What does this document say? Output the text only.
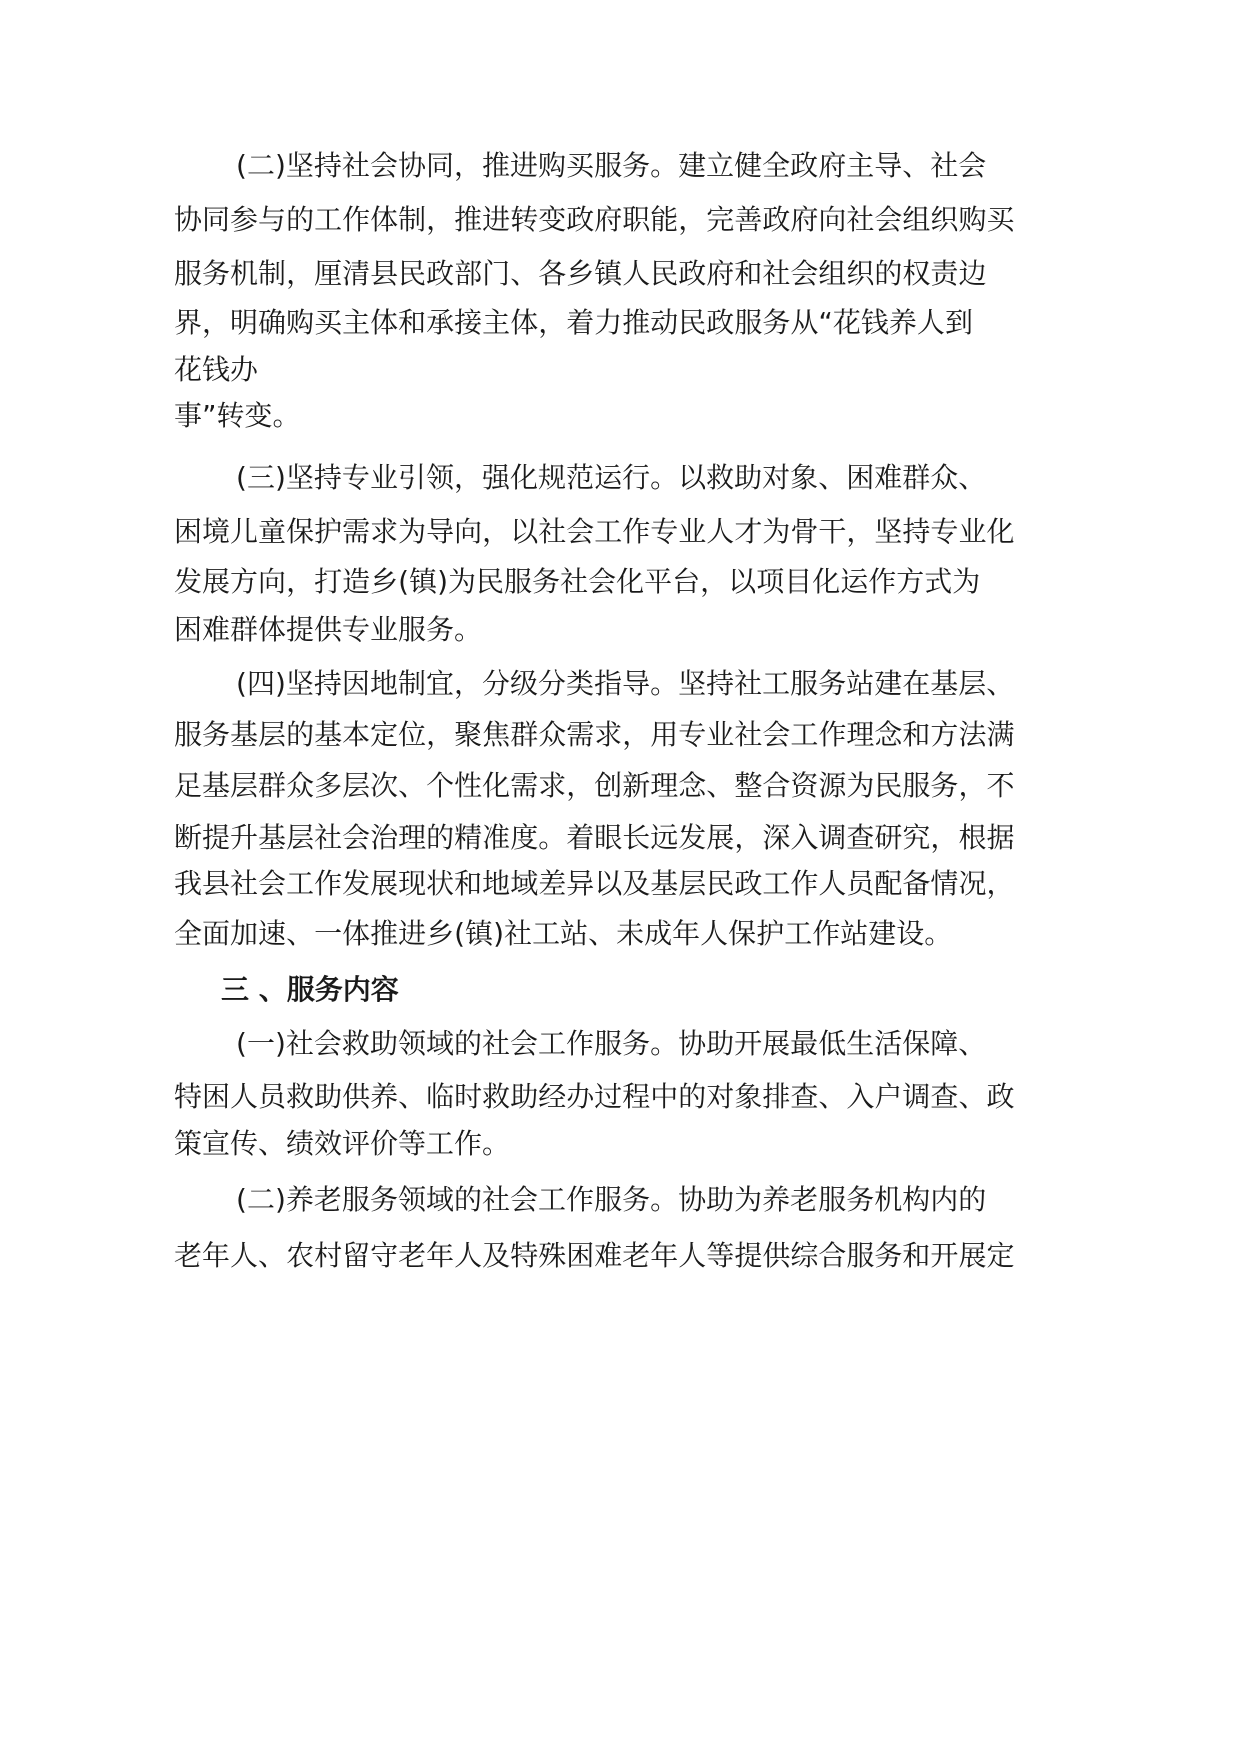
( 二 ) 坚 持 社 会 协 同 ， 推 进 购 买 服 务 。 建 立 健 全 政 府 主 导 、 社 会
协 同 参 与 的 工 作 体 制 ， 推 进 转 变 政 府 职 能 ， 完 善 政 府 向 社 会 组 织 购 买
服 务 机 制 ， 厘 清 县 民 政 部 门 、 各 乡 镇 人 民 政 府 和 社 会 组 织 的 权 责 边
界 ， 明 确 购 买 主 体 和 承 接 主 体 ， 着 力 推 动 民 政 服 务 从 “ 花 钱 养 人 到
花钱办
事”转变。
( 三 ) 坚 持 专 业 引 领 ， 强 化 规 范 运 行 。 以 救 助 对 象 、 困 难 群 众 、
困 境 儿 童 保 护 需 求 为 导 向 ， 以 社 会 工 作 专 业 人 才 为 骨 干 ， 坚 持 专 业 化
发 展 方 向 ， 打 造 乡 ( 镇 ) 为 民 服 务 社 会 化 平 台 ， 以 项 目 化 运 作 方 式 为
困难群体提供专业服务。
( 四 ) 坚 持 因 地 制 宜 ， 分 级 分 类 指 导 。 坚 持 社 工 服 务 站 建 在 基 层 、
服 务 基 层 的 基 本 定 位 ， 聚 焦 群 众 需 求 ， 用 专 业 社 会 工 作 理 念 和 方 法 满
足 基 层 群 众 多 层 次 、 个 性 化 需 求 ， 创 新 理 念 、 整 合 资 源 为 民 服 务 ， 不
断 提 升 基 层 社 会 治 理 的 精 准 度 。 着 眼 长 远 发 展 ， 深 入 调 查 研 究 ， 根 据
我 县 社 会 工 作 发 展 现 状 和 地 域 差 异 以 及 基 层 民 政 工 作 人 员 配 备 情 况 ，
全 面 加 速 、 一 体 推 进 乡 ( 镇 ) 社 工 站 、 未 成 年 人 保 护 工 作 站 建 设 。
三 、服务内容
( 一 ) 社 会 救 助 领 域 的 社 会 工 作 服 务 。 协 助 开 展 最 低 生 活 保 障 、
特 困 人 员 救 助 供 养 、 临 时 救 助 经 办 过 程 中 的 对 象 排 查 、 入 户 调 查 、 政
策宣传、绩效评价等工作。
( 二 ) 养 老 服 务 领 域 的 社 会 工 作 服 务 。 协 助 为 养 老 服 务 机 构 内 的
老 年 人 、 农 村 留 守 老 年 人 及 特 殊 困 难 老 年 人 等 提 供 综 合 服 务 和 开 展 定
